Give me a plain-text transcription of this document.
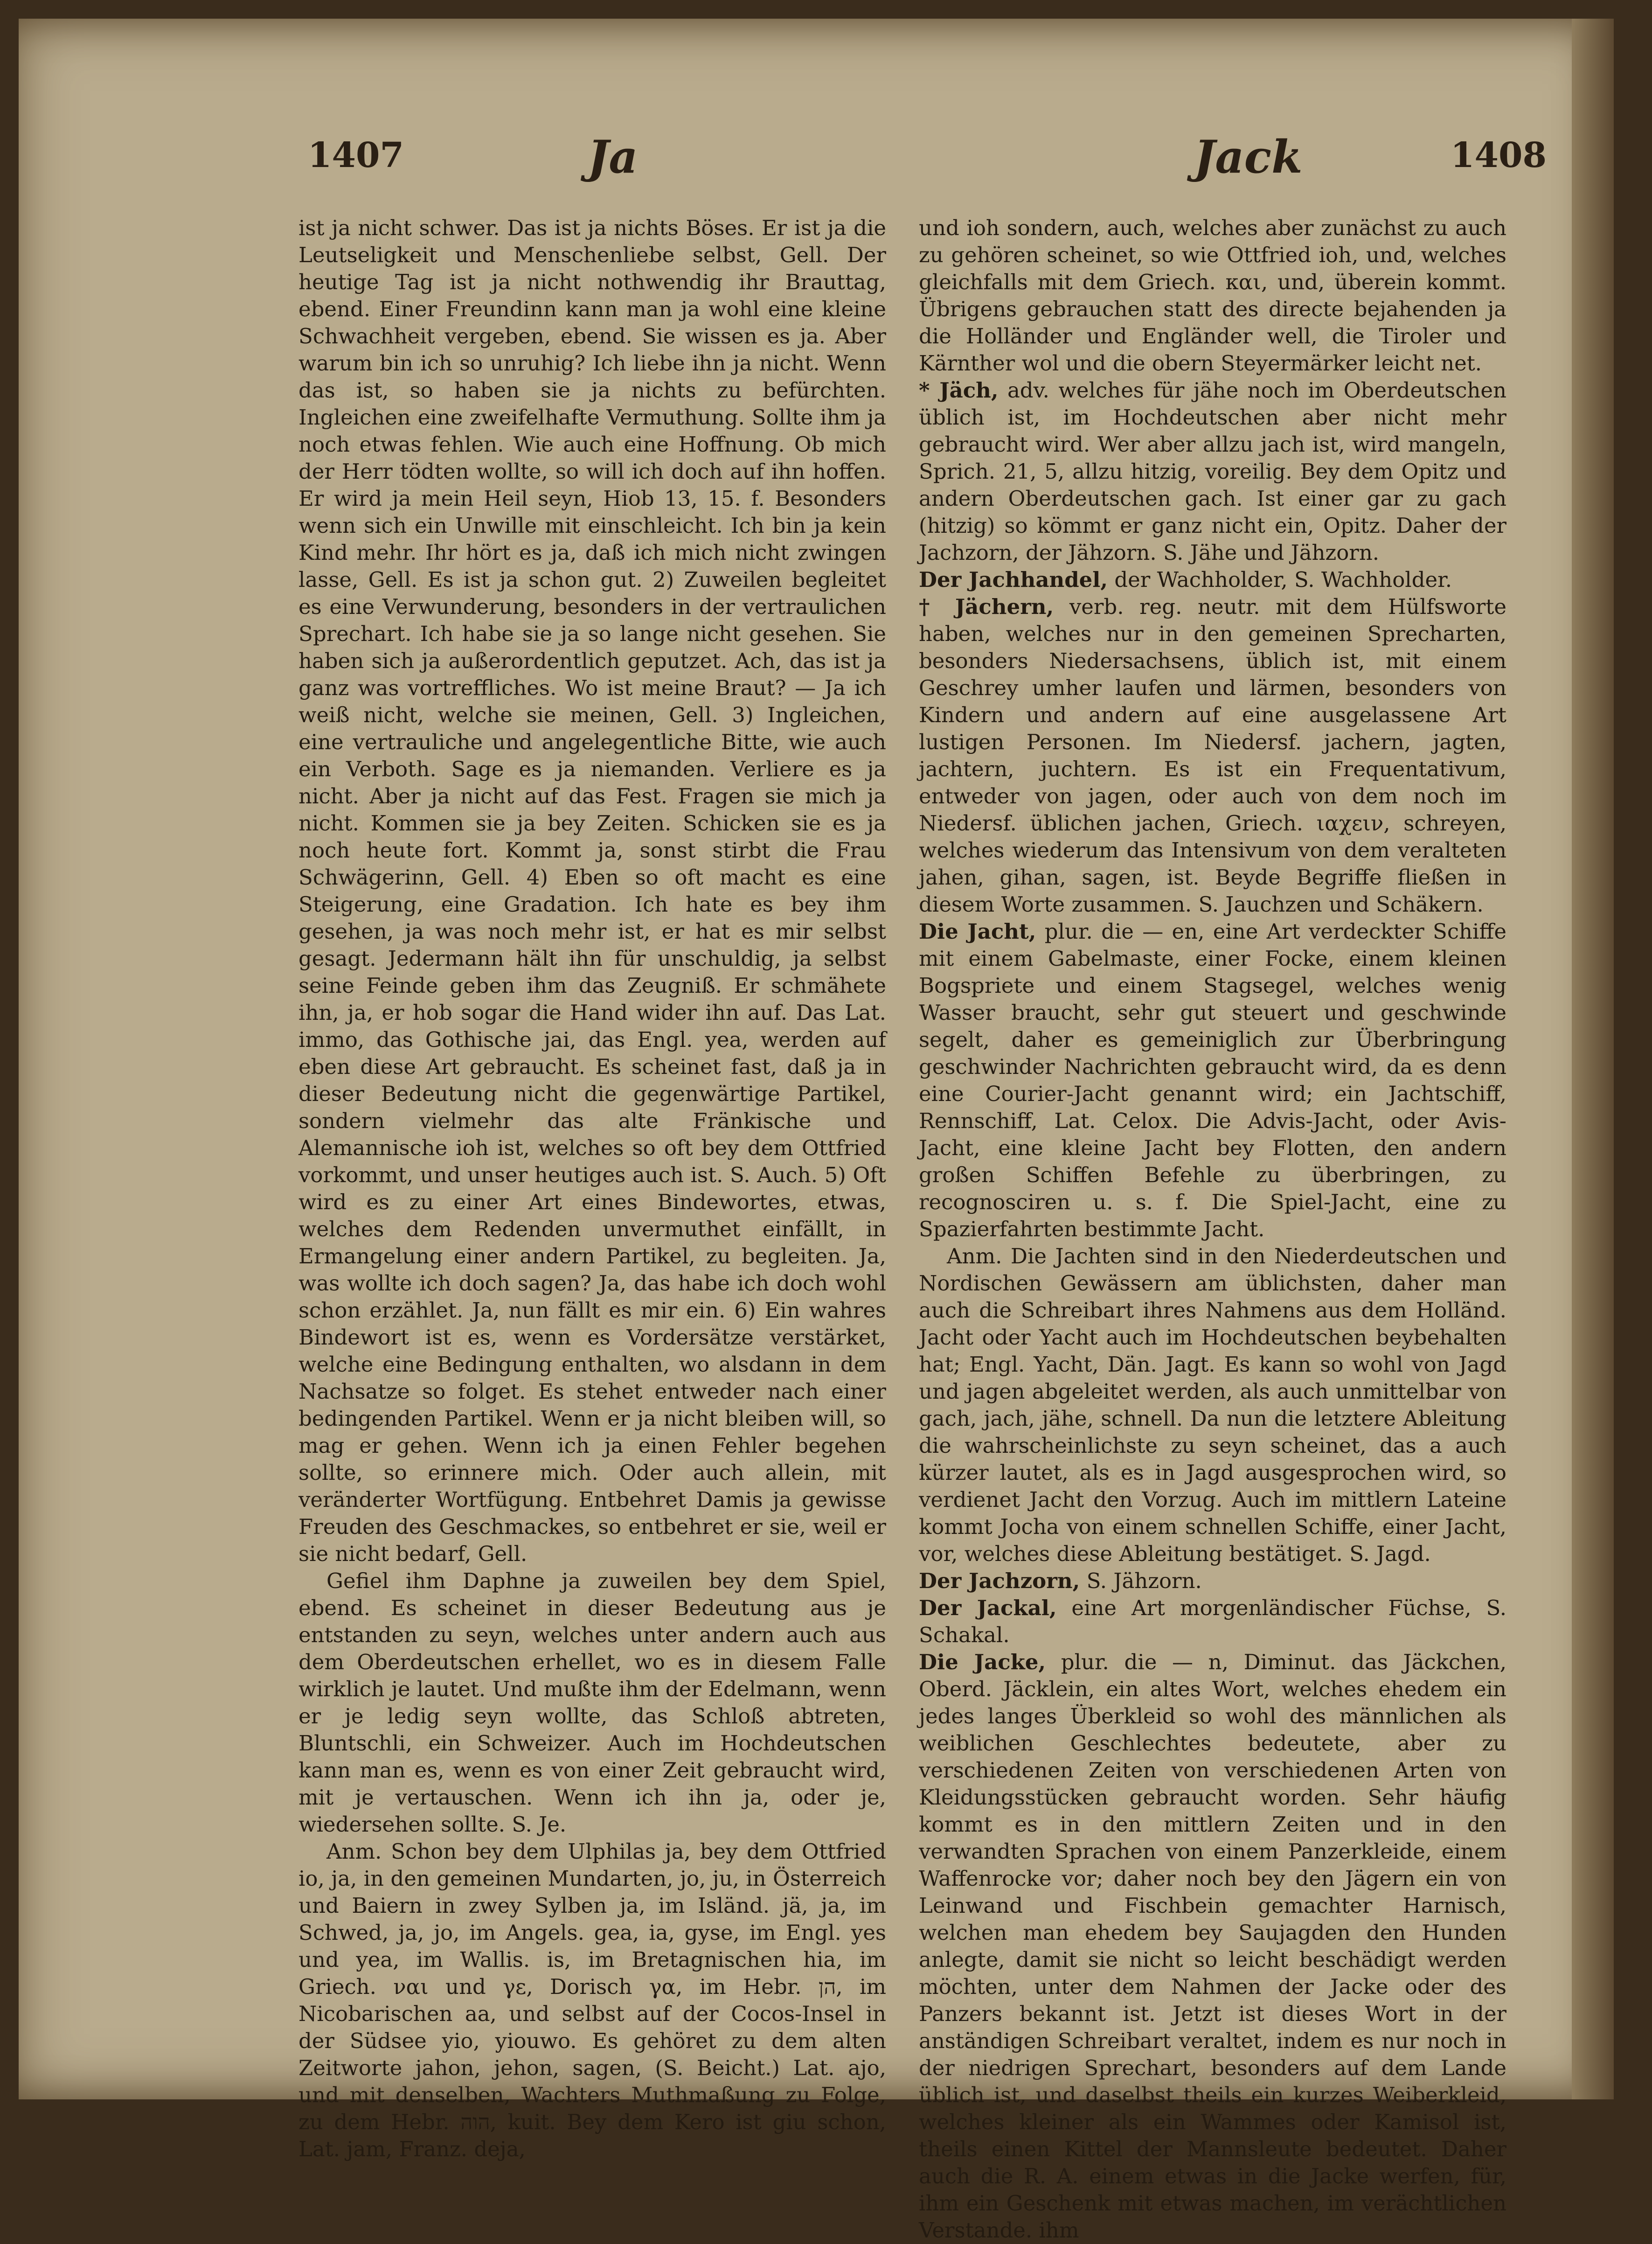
1407	Ja	Jack	1408

ist ja nicht schwer. Das ist ja nichts Böses. Er ist ja die Leutseligkeit und Menschenliebe selbst, Gell. Der heutige Tag ist ja nicht nothwendig ihr Brauttag, ebend. Einer Freundinn kann man ja wohl eine kleine Schwachheit vergeben, ebend. Sie wissen es ja. Aber warum bin ich so unruhig? Ich liebe ihn ja nicht. Wenn das ist, so haben sie ja nichts zu befürchten. Ingleichen eine zweifelhafte Vermuthung. Sollte ihm ja noch etwas fehlen. Wie auch eine Hoffnung. Ob mich der Herr tödten wollte, so will ich doch auf ihn hoffen. Er wird ja mein Heil seyn, Hiob 13, 15. f. Besonders wenn sich ein Unwille mit einschleicht. Ich bin ja kein Kind mehr. Ihr hört es ja, daß ich mich nicht zwingen lasse, Gell. Es ist ja schon gut. 2) Zuweilen begleitet es eine Verwunderung, besonders in der vertraulichen Sprechart. Ich habe sie ja so lange nicht gesehen. Sie haben sich ja außerordentlich geputzet. Ach, das ist ja ganz was vortreffliches. Wo ist meine Braut? — Ja ich weiß nicht, welche sie meinen, Gell. 3) Ingleichen, eine vertrauliche und angelegentliche Bitte, wie auch ein Verboth. Sage es ja niemanden. Verliere es ja nicht. Aber ja nicht auf das Fest. Fragen sie mich ja nicht. Kommen sie ja bey Zeiten. Schicken sie es ja noch heute fort. Kommt ja, sonst stirbt die Frau Schwägerinn, Gell. 4) Eben so oft macht es eine Steigerung, eine Gradation. Ich hate es bey ihm gesehen, ja was noch mehr ist, er hat es mir selbst gesagt. Jedermann hält ihn für unschuldig, ja selbst seine Feinde geben ihm das Zeugniß. Er schmähete ihn, ja, er hob sogar die Hand wider ihn auf. Das Lat. immo, das Gothische jai, das Engl. yea, werden auf eben diese Art gebraucht. Es scheinet fast, daß ja in dieser Bedeutung nicht die gegenwärtige Partikel, sondern vielmehr das alte Fränkische und Alemannische ioh ist, welches so oft bey dem Ottfried vorkommt, und unser heutiges auch ist. S. Auch. 5) Oft wird es zu einer Art eines Bindewortes, etwas, welches dem Redenden unvermuthet einfällt, in Ermangelung einer andern Partikel, zu begleiten. Ja, was wollte ich doch sagen? Ja, das habe ich doch wohl schon erzählet. Ja, nun fällt es mir ein. 6) Ein wahres Bindewort ist es, wenn es Vordersätze verstärket, welche eine Bedingung enthalten, wo alsdann in dem Nachsatze so folget. Es stehet entweder nach einer bedingenden Partikel. Wenn er ja nicht bleiben will, so mag er gehen. Wenn ich ja einen Fehler begehen sollte, so erinnere mich. Oder auch allein, mit veränderter Wortfügung. Entbehret Damis ja gewisse Freuden des Geschmackes, so entbehret er sie, weil er sie nicht bedarf, Gell.

Gefiel ihm Daphne ja zuweilen bey dem Spiel, ebend. Es scheinet in dieser Bedeutung aus je entstanden zu seyn, welches unter andern auch aus dem Oberdeutschen erhellet, wo es in diesem Falle wirklich je lautet. Und mußte ihm der Edelmann, wenn er je ledig seyn wollte, das Schloß abtreten, Bluntschli, ein Schweizer. Auch im Hochdeutschen kann man es, wenn es von einer Zeit gebraucht wird, mit je vertauschen. Wenn ich ihn ja, oder je, wiedersehen sollte. S. Je.

Anm. Schon bey dem Ulphilas ja, bey dem Ottfried io, ja, in den gemeinen Mundarten, jo, ju, in Österreich und Baiern in zwey Sylben ja, im Isländ. jä, ja, im Schwed, ja, jo, im Angels. gea, ia, gyse, im Engl. yes und yea, im Wallis. is, im Bretagnischen hia, im Griech. ναι und γε, Dorisch γα, im Hebr. הן, im Nicobarischen aa, und selbst auf der Cocos-Insel in der Südsee yio, yiouwo. Es gehöret zu dem alten Zeitworte jahon, jehon, sagen, (S. Beicht.) Lat. ajo, und mit denselben, Wachters Muthmaßung zu Folge, zu dem Hebr. הוה, kuit. Bey dem Kero ist giu schon, Lat. jam, Franz. deja,

und ioh sondern, auch, welches aber zunächst zu auch zu gehören scheinet, so wie Ottfried ioh, und, welches gleichfalls mit dem Griech. και, und, überein kommt. Übrigens gebrauchen statt des directe bejahenden ja die Holländer und Engländer well, die Tiroler und Kärnther wol und die obern Steyermärker leicht net.

* Jäch, adv. welches für jähe noch im Oberdeutschen üblich ist, im Hochdeutschen aber nicht mehr gebraucht wird. Wer aber allzu jach ist, wird mangeln, Sprich. 21, 5, allzu hitzig, voreilig. Bey dem Opitz und andern Oberdeutschen gach. Ist einer gar zu gach (hitzig) so kömmt er ganz nicht ein, Opitz. Daher der Jachzorn, der Jähzorn. S. Jähe und Jähzorn.

Der Jachhandel, der Wachholder, S. Wachholder.

† Jächern, verb. reg. neutr. mit dem Hülfsworte haben, welches nur in den gemeinen Sprecharten, besonders Niedersachsens, üblich ist, mit einem Geschrey umher laufen und lärmen, besonders von Kindern und andern auf eine ausgelassene Art lustigen Personen. Im Niedersf. jachern, jagten, jachtern, juchtern. Es ist ein Frequentativum, entweder von jagen, oder auch von dem noch im Niedersf. üblichen jachen, Griech. ιαχειν, schreyen, welches wiederum das Intensivum von dem veralteten jahen, gihan, sagen, ist. Beyde Begriffe fließen in diesem Worte zusammen. S. Jauchzen und Schäkern.

Die Jacht, plur. die — en, eine Art verdeckter Schiffe mit einem Gabelmaste, einer Focke, einem kleinen Bogspriete und einem Stagsegel, welches wenig Wasser braucht, sehr gut steuert und geschwinde segelt, daher es gemeiniglich zur Überbringung geschwinder Nachrichten gebraucht wird, da es denn eine Courier-Jacht genannt wird; ein Jachtschiff, Rennschiff, Lat. Celox. Die Advis-Jacht, oder Avis-Jacht, eine kleine Jacht bey Flotten, den andern großen Schiffen Befehle zu überbringen, zu recognosciren u. s. f. Die Spiel-Jacht, eine zu Spazierfahrten bestimmte Jacht.

Anm. Die Jachten sind in den Niederdeutschen und Nordischen Gewässern am üblichsten, daher man auch die Schreibart ihres Nahmens aus dem Holländ. Jacht oder Yacht auch im Hochdeutschen beybehalten hat; Engl. Yacht, Dän. Jagt. Es kann so wohl von Jagd und jagen abgeleitet werden, als auch unmittelbar von gach, jach, jähe, schnell. Da nun die letztere Ableitung die wahrscheinlichste zu seyn scheinet, das a auch kürzer lautet, als es in Jagd ausgesprochen wird, so verdienet Jacht den Vorzug. Auch im mittlern Lateine kommt Jocha von einem schnellen Schiffe, einer Jacht, vor, welches diese Ableitung bestätiget. S. Jagd.

Der Jachzorn, S. Jähzorn.

Der Jackal, eine Art morgenländischer Füchse, S. Schakal.

Die Jacke, plur. die — n, Diminut. das Jäckchen, Oberd. Jäcklein, ein altes Wort, welches ehedem ein jedes langes Überkleid so wohl des männlichen als weiblichen Geschlechtes bedeutete, aber zu verschiedenen Zeiten von verschiedenen Arten von Kleidungsstücken gebraucht worden. Sehr häufig kommt es in den mittlern Zeiten und in den verwandten Sprachen von einem Panzerkleide, einem Waffenrocke vor; daher noch bey den Jägern ein von Leinwand und Fischbein gemachter Harnisch, welchen man ehedem bey Saujagden den Hunden anlegte, damit sie nicht so leicht beschädigt werden möchten, unter dem Nahmen der Jacke oder des Panzers bekannt ist. Jetzt ist dieses Wort in der anständigen Schreibart veraltet, indem es nur noch in der niedrigen Sprechart, besonders auf dem Lande üblich ist, und daselbst theils ein kurzes Weiberkleid, welches kleiner als ein Wammes oder Kamisol ist, theils einen Kittel der Mannsleute bedeutet. Daher auch die R. A. einem etwas in die Jacke werfen, für, ihm ein Geschenk mit etwas machen, im verächtlichen Verstande. ihm
